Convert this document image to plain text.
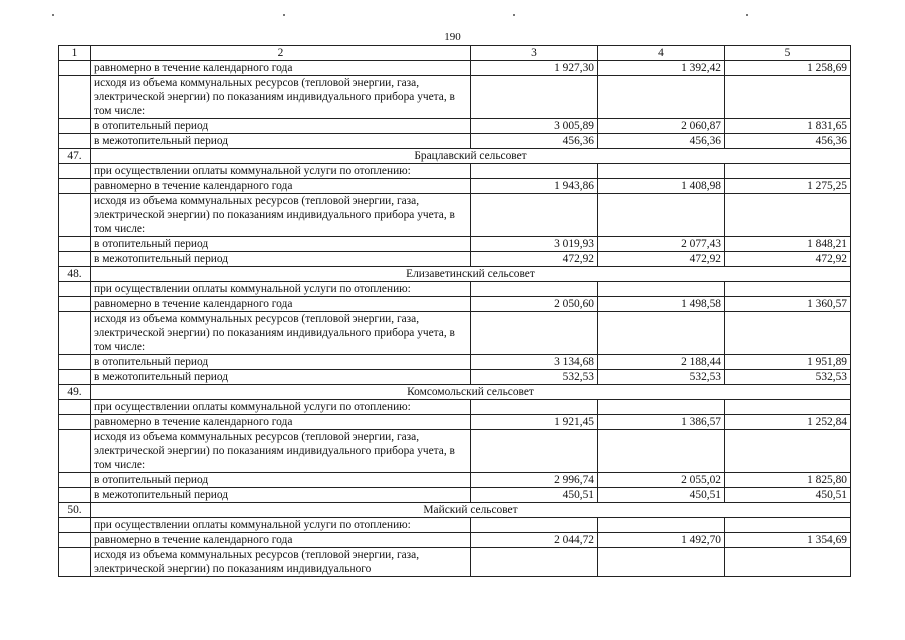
190
1	2	3	4	5
	равномерно в течение календарного года	1 927,30	1 392,42	1 258,69
	исходя из объема коммунальных ресурсов (тепловой энергии, газа, электрической энергии) по показаниям индивидуального прибора учета, в том числе:			
	в отопительный период	3 005,89	2 060,87	1 831,65
	в межотопительный период	456,36	456,36	456,36
47.	Брацлавский сельсовет			
	при осуществлении оплаты коммунальной услуги по отоплению:			
	равномерно в течение календарного года	1 943,86	1 408,98	1 275,25
	исходя из объема коммунальных ресурсов (тепловой энергии, газа, электрической энергии) по показаниям индивидуального прибора учета, в том числе:			
	в отопительный период	3 019,93	2 077,43	1 848,21
	в межотопительный период	472,92	472,92	472,92
48.	Елизаветинский сельсовет			
	при осуществлении оплаты коммунальной услуги по отоплению:			
	равномерно в течение календарного года	2 050,60	1 498,58	1 360,57
	исходя из объема коммунальных ресурсов (тепловой энергии, газа, электрической энергии) по показаниям индивидуального прибора учета, в том числе:			
	в отопительный период	3 134,68	2 188,44	1 951,89
	в межотопительный период	532,53	532,53	532,53
49.	Комсомольский сельсовет			
	при осуществлении оплаты коммунальной услуги по отоплению:			
	равномерно в течение календарного года	1 921,45	1 386,57	1 252,84
	исходя из объема коммунальных ресурсов (тепловой энергии, газа, электрической энергии) по показаниям индивидуального прибора учета, в том числе:			
	в отопительный период	2 996,74	2 055,02	1 825,80
	в межотопительный период	450,51	450,51	450,51
50.	Майский сельсовет			
	при осуществлении оплаты коммунальной услуги по отоплению:			
	равномерно в течение календарного года	2 044,72	1 492,70	1 354,69
	исходя из объема коммунальных ресурсов (тепловой энергии, газа, электрической энергии) по показаниям индивидуального			
